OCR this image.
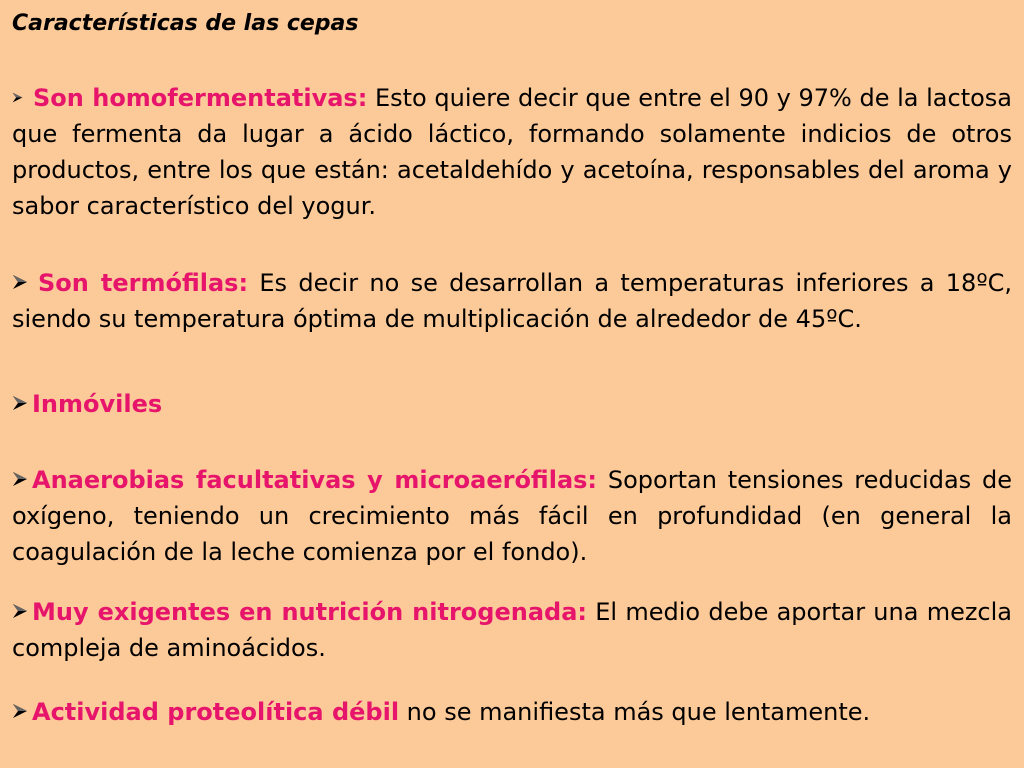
Características de las cepas

Son homofermentativas: Esto quiere decir que entre el 90 y 97% de la lactosa que fermenta da lugar a ácido láctico, formando solamente indicios de otros productos, entre los que están: acetaldehído y acetoína, responsables del aroma y sabor característico del yogur.

Son termófilas: Es decir no se desarrollan a temperaturas inferiores a 18ºC, siendo su temperatura óptima de multiplicación de alrededor de 45ºC.

Inmóviles

Anaerobias facultativas y microaerófilas: Soportan tensiones reducidas de oxígeno, teniendo un crecimiento más fácil en profundidad (en general la coagulación de la leche comienza por el fondo).

Muy exigentes en nutrición nitrogenada: El medio debe aportar una mezcla compleja de aminoácidos.

Actividad proteolítica débil no se manifiesta más que lentamente.
